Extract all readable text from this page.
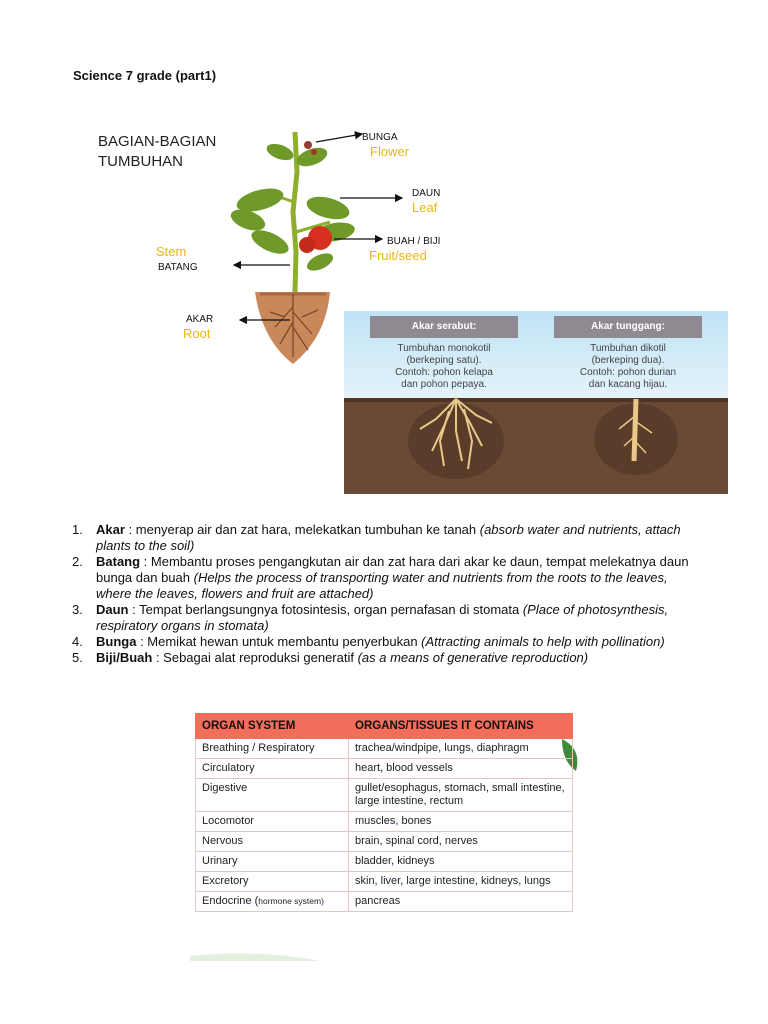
Science 7 grade (part1)
BAGIAN-BAGIAN
TUMBUHAN
BUNGA
Flower
DAUN
Leaf
BUAH / BIJI
Fruit/seed
Stem
BATANG
AKAR
Root	Akar serabut:	Akar tunggang:
Tumbuhan monokotil
(berkeping satu).
Contoh: pohon kelapa
dan pohon pepaya.
Tumbuhan dikotil
(berkeping dua).
Contoh: pohon durian
dan kacang hijau.
1. Akar : menyerap air dan zat hara, melekatkan tumbuhan ke tanah (absorb water and nutrients, attach plants to the soil)
2. Batang : Membantu proses pengangkutan air dan zat hara dari akar ke daun, tempat melekatnya daun bunga dan buah (Helps the process of transporting water and nutrients from the roots to the leaves, where the leaves, flowers and fruit are attached)
3. Daun : Tempat berlangsungnya fotosintesis, organ pernafasan di stomata (Place of photosynthesis, respiratory organs in stomata)
4. Bunga : Memikat hewan untuk membantu penyerbukan (Attracting animals to help with pollination)
5. Biji/Buah : Sebagai alat reproduksi generatif (as a means of generative reproduction)
ORGAN SYSTEM	ORGANS/TISSUES IT CONTAINS
Breathing / Respiratory	trachea/windpipe, lungs, diaphragm
Circulatory	heart, blood vessels
Digestive	gullet/esophagus, stomach, small intestine, large intestine, rectum
Locomotor	muscles, bones
Nervous	brain, spinal cord, nerves
Urinary	bladder, kidneys
Excretory	skin, liver, large intestine, kidneys, lungs
Endocrine (hormone system)	pancreas
